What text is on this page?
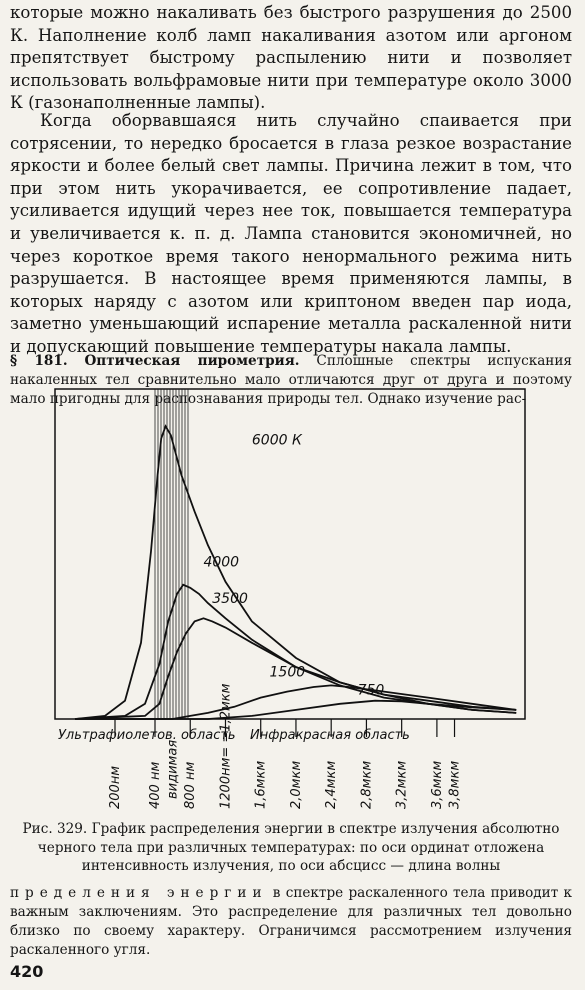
которые можно накаливать без быстрого разрушения до 2500 К. Наполнение колб ламп накаливания азотом или аргоном препятствует быстрому распылению нити и позволяет использовать вольфрамовые нити при температуре около 3000 К (газонаполненные лампы).

Когда оборвавшаяся нить случайно спаивается при сотрясении, то нередко бросается в глаза резкое возрастание яркости и более белый свет лампы. Причина лежит в том, что при этом нить укорачивается, ее сопротивление падает, усиливается идущий через нее ток, повышается температура и увеличивается к. п. д. Лампа становится экономичней, но через короткое время такого ненормального режима нить разрушается. В настоящее время применяются лампы, в которых наряду с азотом или криптоном введен пар иода, заметно уменьшающий испарение металла раскаленной нити и допускающий повышение температуры накала лампы.

§ 181. Оптическая пирометрия. Сплошные спектры испускания накаленных тел сравнительно мало отличаются друг от друга и поэтому мало пригодны для распознавания природы тел. Однако изучение рас-

6000 К
4000
3500
1500
750
200нм 400 нм 800 нм 1200нм= =1,2мкм 1,6мкм 2,0мкм 2,4мкм 2,8мкм 3,2мкм 3,6мкм 3,8мкм
видимая
Ультрафиолетов. область Инфракрасная область

Рис. 329. График распределения энергии в спектре излучения абсолютно черного тела при различных температурах: по оси ординат отложена интенсивность излучения, по оси абсцисс — длина волны

пределения энергии в спектре раскаленного тела приводит к важным заключениям. Это распределение для различных тел довольно близко по своему характеру. Ограничимся рассмотрением излучения раскаленного угля.

420
